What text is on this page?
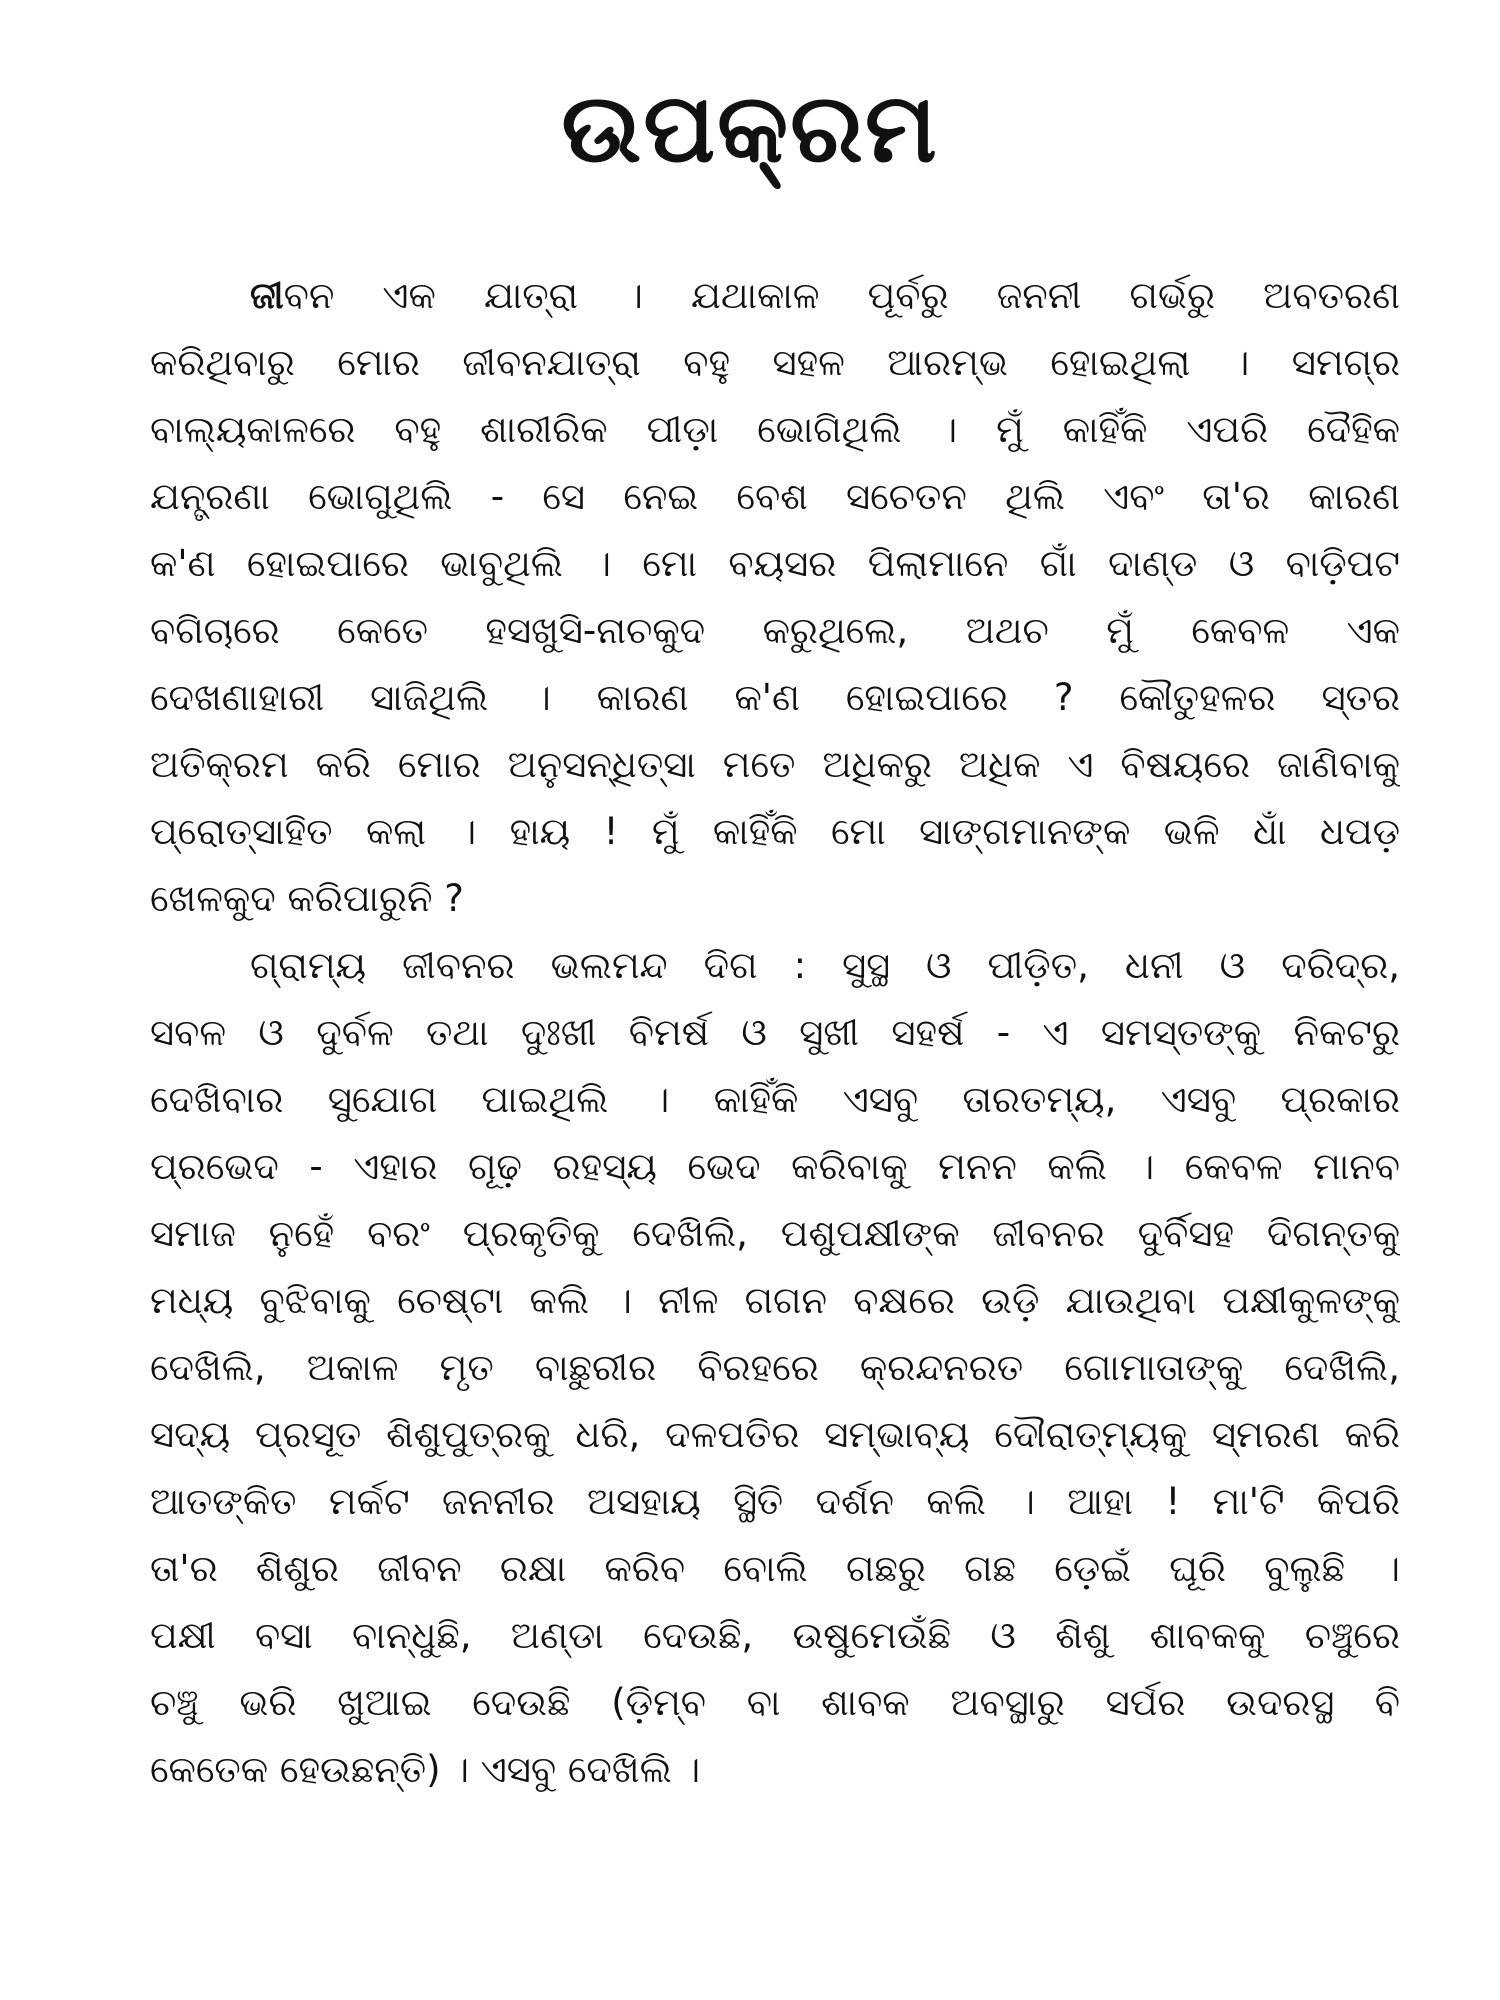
ଉପକ୍ରମ
ଜୀବନ ଏକ ଯାତ୍ରା । ଯଥାକାଳ ପୂର୍ବରୁ ଜନନୀ ଗର୍ଭରୁ ଅବତରଣ
କରିଥିବାରୁ ମୋର ଜୀବନଯାତ୍ରା ବହୁ ସହଳ ଆରମ୍ଭ ହୋଇଥିଲା । ସମଗ୍ର
ବାଲ୍ୟକାଳରେ ବହୁ ଶାରୀରିକ ପୀଡ଼ା ଭୋଗିଥିଲି । ମୁଁ କାହିଁକି ଏପରି ଦୈହିକ
ଯନ୍ତ୍ରଣା ଭୋଗୁଥିଲି - ସେ ନେଇ ବେଶ ସଚେତନ ଥିଲି ଏବଂ ତା'ର କାରଣ
କ'ଣ ହୋଇପାରେ ଭାବୁଥିଲି । ମୋ ବୟସର ପିଲାମାନେ ଗାଁ ଦାଣ୍ଡ ଓ ବାଡ଼ିପଟ
ବଗିଚାରେ କେତେ ହସଖୁସି-ନାଚକୁଦ କରୁଥିଲେ, ଅଥଚ ମୁଁ କେବଳ ଏକ
ଦେଖଣାହାରୀ ସାଜିଥିଲି । କାରଣ କ'ଣ ହୋଇପାରେ ? କୌତୁହଳର ସ୍ତର
ଅତିକ୍ରମ କରି ମୋର ଅନୁସନ୍ଧିତ୍ସା ମତେ ଅଧିକରୁ ଅଧିକ ଏ ବିଷୟରେ ଜାଣିବାକୁ
ପ୍ରୋତ୍ସାହିତ କଲା । ହାୟ ! ମୁଁ କାହିଁକି ମୋ ସାଙ୍ଗମାନଙ୍କ ଭଳି ଧାଁ ଧପଡ଼
ଖେଳକୁଦ କରିପାରୁନି ?
ଗ୍ରାମ୍ୟ ଜୀବନର ଭଲମନ୍ଦ ଦିଗ : ସୁସ୍ଥ ଓ ପୀଡ଼ିତ, ଧନୀ ଓ ଦରିଦ୍ର,
ସବଳ ଓ ଦୁର୍ବଳ ତଥା ଦୁଃଖୀ ବିମର୍ଷ ଓ ସୁଖୀ ସହର୍ଷ - ଏ ସମସ୍ତଙ୍କୁ ନିକଟରୁ
ଦେଖିବାର ସୁଯୋଗ ପାଇଥିଲି । କାହିଁକି ଏସବୁ ତାରତମ୍ୟ, ଏସବୁ ପ୍ରକାର
ପ୍ରଭେଦ - ଏହାର ଗୂଢ଼ ରହସ୍ୟ ଭେଦ କରିବାକୁ ମନନ କଲି । କେବଳ ମାନବ
ସମାଜ ନୁହେଁ ବରଂ ପ୍ରକୃତିକୁ ଦେଖିଲି, ପଶୁପକ୍ଷୀଙ୍କ ଜୀବନର ଦୁର୍ବିସହ ଦିଗନ୍ତକୁ
ମଧ୍ୟ ବୁଝିବାକୁ ଚେଷ୍ଟା କଲି । ନୀଳ ଗଗନ ବକ୍ଷରେ ଉଡ଼ି ଯାଉଥିବା ପକ୍ଷୀକୁଳଙ୍କୁ
ଦେଖିଲି, ଅକାଳ ମୃତ ବାଛୁରୀର ବିରହରେ କ୍ରନ୍ଦନରତ ଗୋମାତାଙ୍କୁ ଦେଖିଲି,
ସଦ୍ୟ ପ୍ରସୂତ ଶିଶୁପୁତ୍ରକୁ ଧରି, ଦଳପତିର ସମ୍ଭାବ୍ୟ ଦୌରାତ୍ମ୍ୟକୁ ସ୍ମରଣ କରି
ଆତଙ୍କିତ ମର୍କଟ ଜନନୀର ଅସହାୟ ସ୍ଥିତି ଦର୍ଶନ କଲି । ଆହା ! ମା'ଟି କିପରି
ତା'ର ଶିଶୁର ଜୀବନ ରକ୍ଷା କରିବ ବୋଲି ଗଛରୁ ଗଛ ଡ଼େଇଁ ଘୂରି ବୁଲୁଛି ।
ପକ୍ଷୀ ବସା ବାନ୍ଧୁଛି, ଅଣ୍ଡା ଦେଉଛି, ଉଷୁମେଉଁଛି ଓ ଶିଶୁ ଶାବକକୁ ଚଞ୍ଚୁରେ
ଚଞ୍ଚୁ ଭରି ଖୁଆଇ ଦେଉଛି (ଡ଼ିମ୍ବ ବା ଶାବକ ଅବସ୍ଥାରୁ ସର୍ପର ଉଦରସ୍ଥ ବି
କେତେକ ହେଉଛନ୍ତି) । ଏସବୁ ଦେଖିଲି ।
